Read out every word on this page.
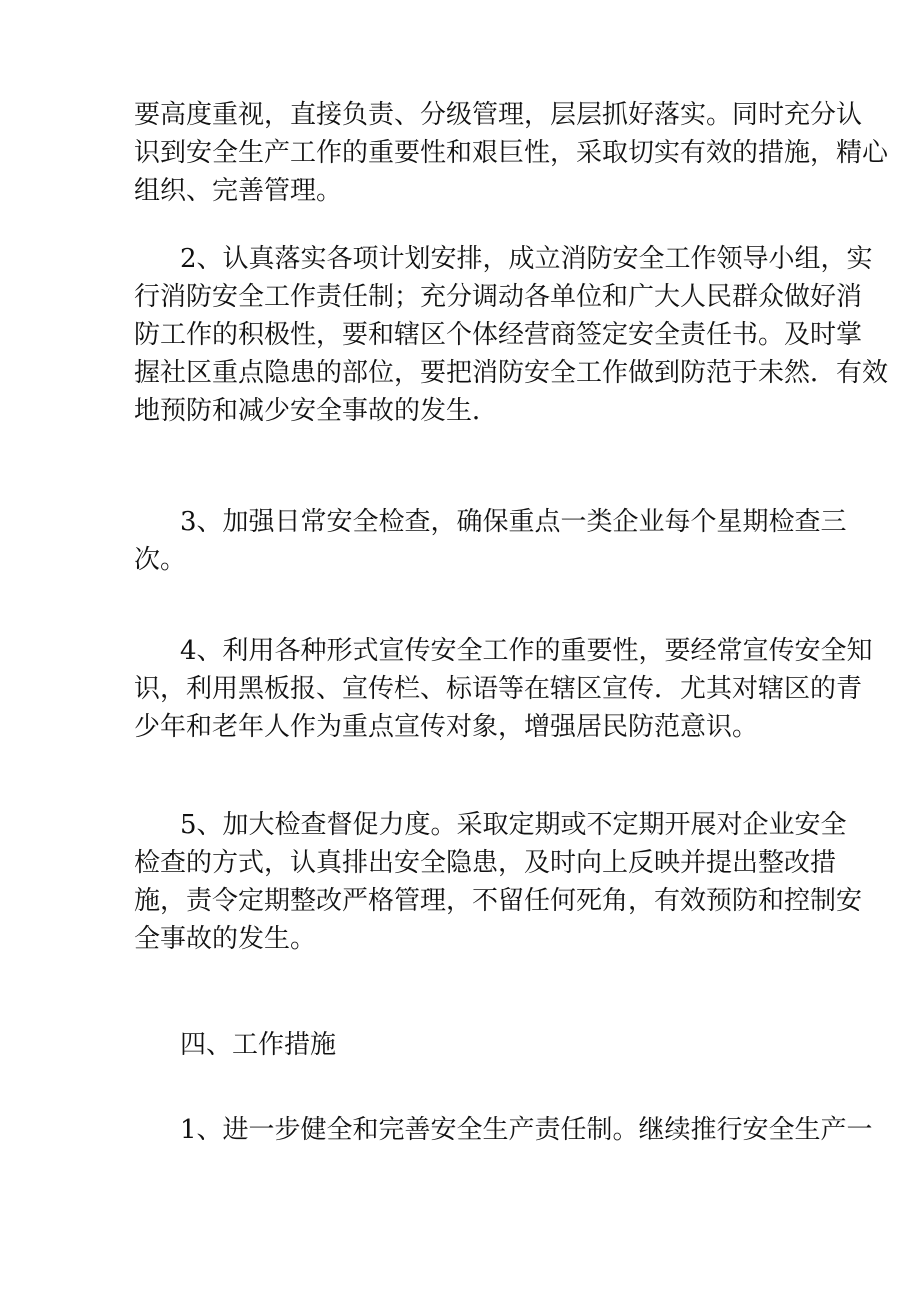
要高度重视，直接负责、分级管理，层层抓好落实。同时充分认
识到安全生产工作的重要性和艰巨性，采取切实有效的措施，精心
组织、完善管理。

2、认真落实各项计划安排，成立消防安全工作领导小组，实
行消防安全工作责任制；充分调动各单位和广大人民群众做好消
防工作的积极性，要和辖区个体经营商签定安全责任书。及时掌
握社区重点隐患的部位，要把消防安全工作做到防范于未然．有效
地预防和减少安全事故的发生．

3、加强日常安全检查，确保重点一类企业每个星期检查三
次。

4、利用各种形式宣传安全工作的重要性，要经常宣传安全知
识，利用黑板报、宣传栏、标语等在辖区宣传．尤其对辖区的青
少年和老年人作为重点宣传对象，增强居民防范意识。

5、加大检查督促力度。采取定期或不定期开展对企业安全
检查的方式，认真排出安全隐患，及时向上反映并提出整改措
施，责令定期整改严格管理，不留任何死角，有效预防和控制安
全事故的发生。

四、工作措施

1、进一步健全和完善安全生产责任制。继续推行安全生产一
